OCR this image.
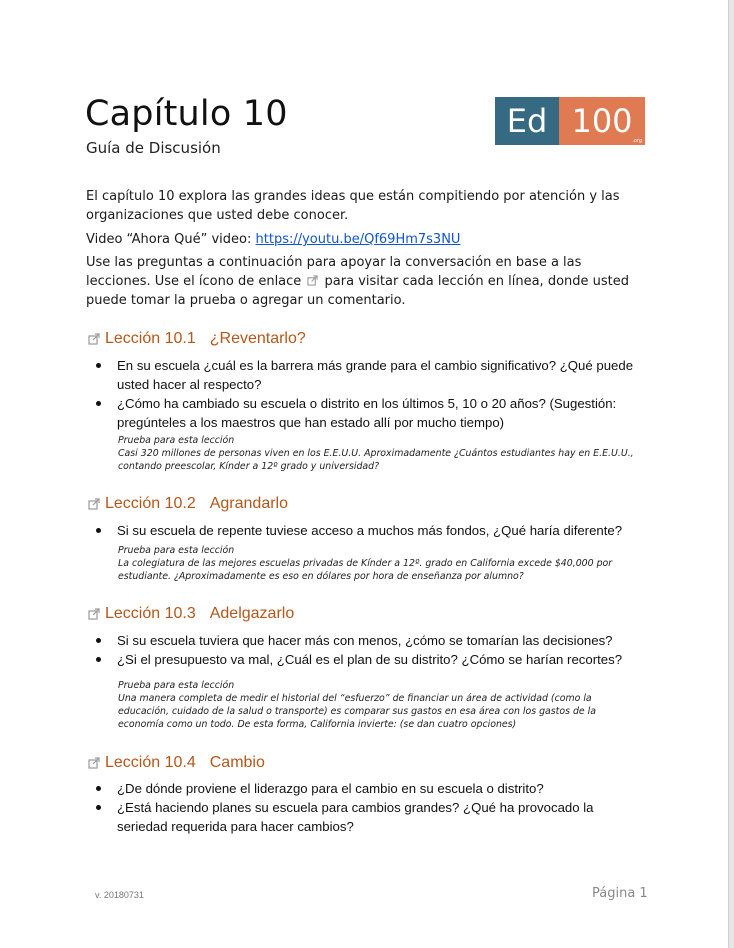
Capítulo 10
Guía de Discusión
Ed 100
.org
El capítulo 10 explora las grandes ideas que están compitiendo por atención y las organizaciones que usted debe conocer.
Video “Ahora Qué” video: https://youtu.be/Qf69Hm7s3NU
Use las preguntas a continuación para apoyar la conversación en base a las lecciones. Use el ícono de enlace  para visitar cada lección en línea, donde usted puede tomar la prueba o agregar un comentario.
Lección 10.1 ¿Reventarlo?
En su escuela ¿cuál es la barrera más grande para el cambio significativo? ¿Qué puede usted hacer al respecto?
¿Cómo ha cambiado su escuela o distrito en los últimos 5, 10 o 20 años? (Sugestión: pregúnteles a los maestros que han estado allí por mucho tiempo)
Prueba para esta lección
Casi 320 millones de personas viven en los E.E.U.U. Aproximadamente ¿Cuántos estudiantes hay en E.E.U.U., contando preescolar, Kínder a 12º grado y universidad?
Lección 10.2 Agrandarlo
Si su escuela de repente tuviese acceso a muchos más fondos, ¿Qué haría diferente?
Prueba para esta lección
La colegiatura de las mejores escuelas privadas de Kínder a 12º. grado en California excede $40,000 por estudiante. ¿Aproximadamente es eso en dólares por hora de enseñanza por alumno?
Lección 10.3 Adelgazarlo
Si su escuela tuviera que hacer más con menos, ¿cómo se tomarían las decisiones?
¿Si el presupuesto va mal, ¿Cuál es el plan de su distrito? ¿Cómo se harían recortes?
Prueba para esta lección
Una manera completa de medir el historial del “esfuerzo” de financiar un área de actividad (como la educación, cuidado de la salud o transporte) es comparar sus gastos en esa área con los gastos de la economía como un todo. De esta forma, California invierte: (se dan cuatro opciones)
Lección 10.4 Cambio
¿De dónde proviene el liderazgo para el cambio en su escuela o distrito?
¿Está haciendo planes su escuela para cambios grandes? ¿Qué ha provocado la seriedad requerida para hacer cambios?
v. 20180731	Página 1
